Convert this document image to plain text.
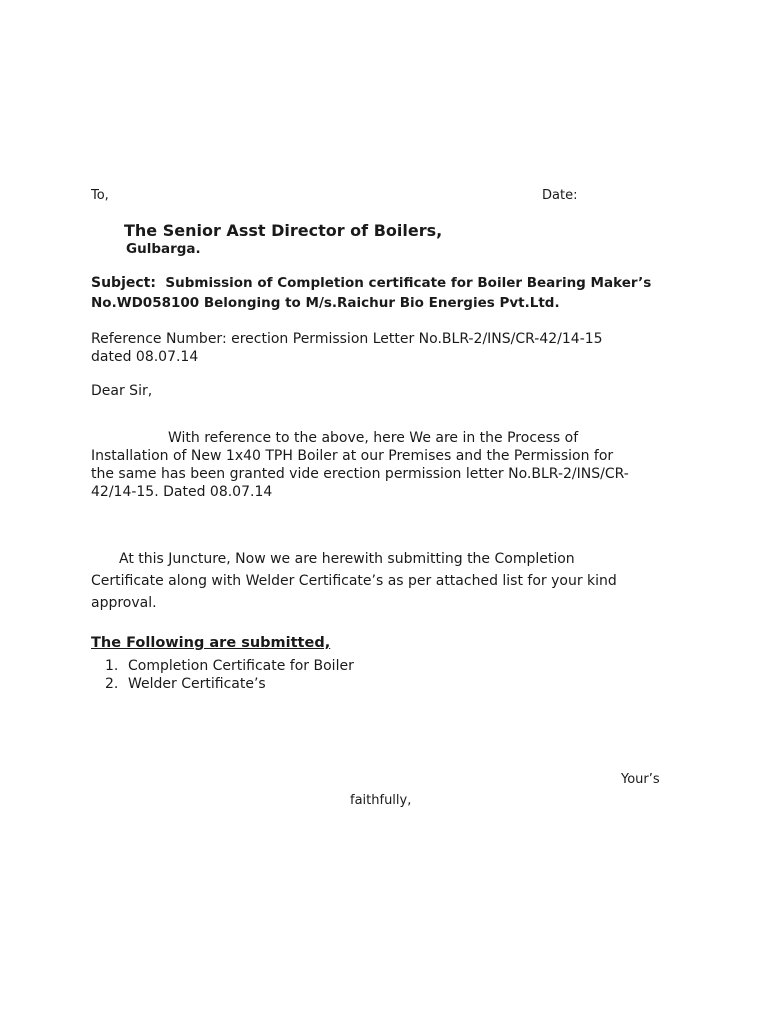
To,	Date:

The Senior Asst Director of Boilers,

Gulbarga.

Subject: Submission of Completion certificate for Boiler Bearing Maker’s

No.WD058100 Belonging to M/s.Raichur Bio Energies Pvt.Ltd.

Reference Number: erection Permission Letter No.BLR-2/INS/CR-42/14-15

dated 08.07.14

Dear Sir,

With reference to the above, here We are in the Process of

Installation of New 1x40 TPH Boiler at our Premises and the Permission for

the same has been granted vide erection permission letter No.BLR-2/INS/CR-

42/14-15. Dated 08.07.14

At this Juncture, Now we are herewith submitting the Completion

Certificate along with Welder Certificate’s as per attached list for your kind

approval.

The Following are submitted,

1. Completion Certificate for Boiler

2. Welder Certificate’s

Your’s

faithfully,
